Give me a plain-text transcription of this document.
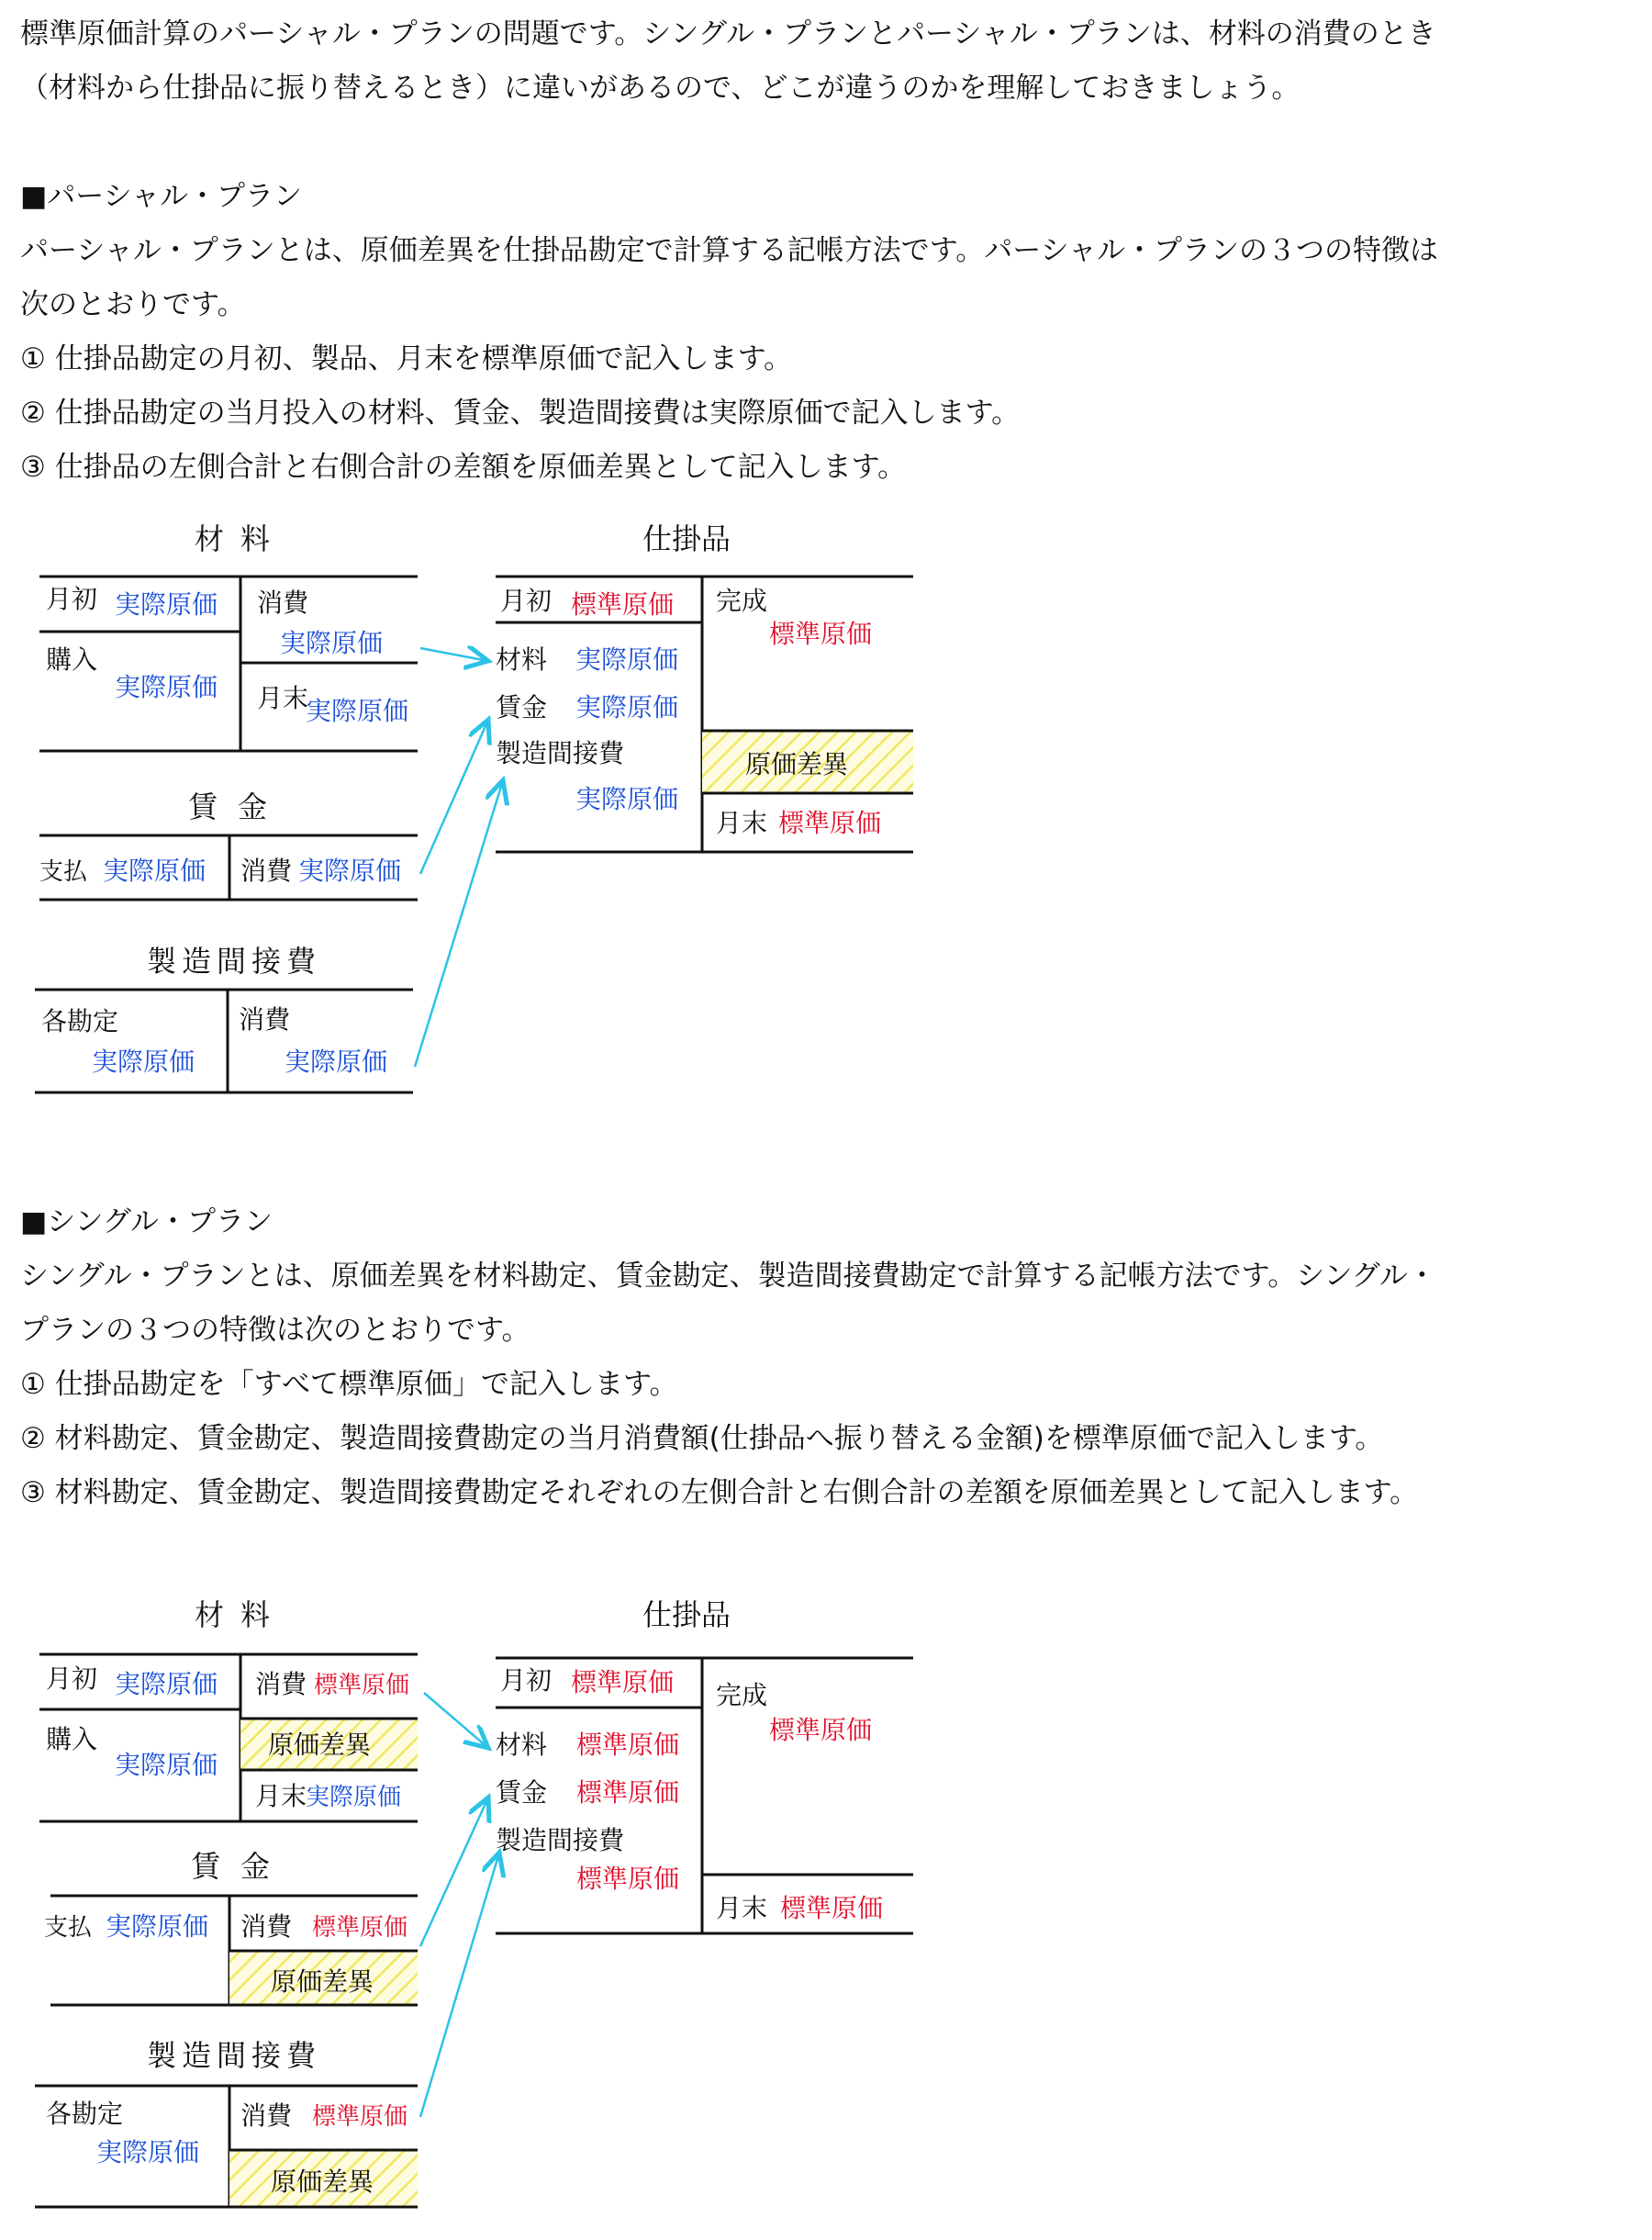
標準原価計算のパーシャル・プランの問題です。シングル・プランとパーシャル・プランは、材料の消費のとき
（材料から仕掛品に振り替えるとき）に違いがあるので、どこが違うのかを理解しておきましょう。
■パーシャル・プラン
パーシャル・プランとは、原価差異を仕掛品勘定で計算する記帳方法です。パーシャル・プランの３つの特徴は
次のとおりです。
① 仕掛品勘定の月初、製品、月末を標準原価で記入します。
② 仕掛品勘定の当月投入の材料、賃金、製造間接費は実際原価で記入します。
③ 仕掛品の左側合計と右側合計の差額を原価差異として記入します。
材料
月初 実際原価
購入
実際原価
消費
実際原価
月末
実際原価
賃金
支払 実際原価 消費 実際原価
製造間接費
各勘定
実際原価
消費
実際原価
仕掛品
月初 標準原価
材料 実際原価
賃金 実際原価
製造間接費
実際原価
完成
標準原価
原価差異
月末 標準原価
■シングル・プラン
シングル・プランとは、原価差異を材料勘定、賃金勘定、製造間接費勘定で計算する記帳方法です。シングル・
プランの３つの特徴は次のとおりです。
① 仕掛品勘定を「すべて標準原価」で記入します。
② 材料勘定、賃金勘定、製造間接費勘定の当月消費額(仕掛品へ振り替える金額)を標準原価で記入します。
③ 材料勘定、賃金勘定、製造間接費勘定それぞれの左側合計と右側合計の差額を原価差異として記入します。
材料
月初 実際原価
購入
実際原価
消費 標準原価
原価差異
月末
実際原価
賃金
支払 実際原価 消費 標準原価
原価差異
製造間接費
各勘定
実際原価
消費 標準原価
原価差異
仕掛品
月初 標準原価
材料 標準原価
賃金 標準原価
製造間接費
標準原価
完成
標準原価
月末 標準原価
